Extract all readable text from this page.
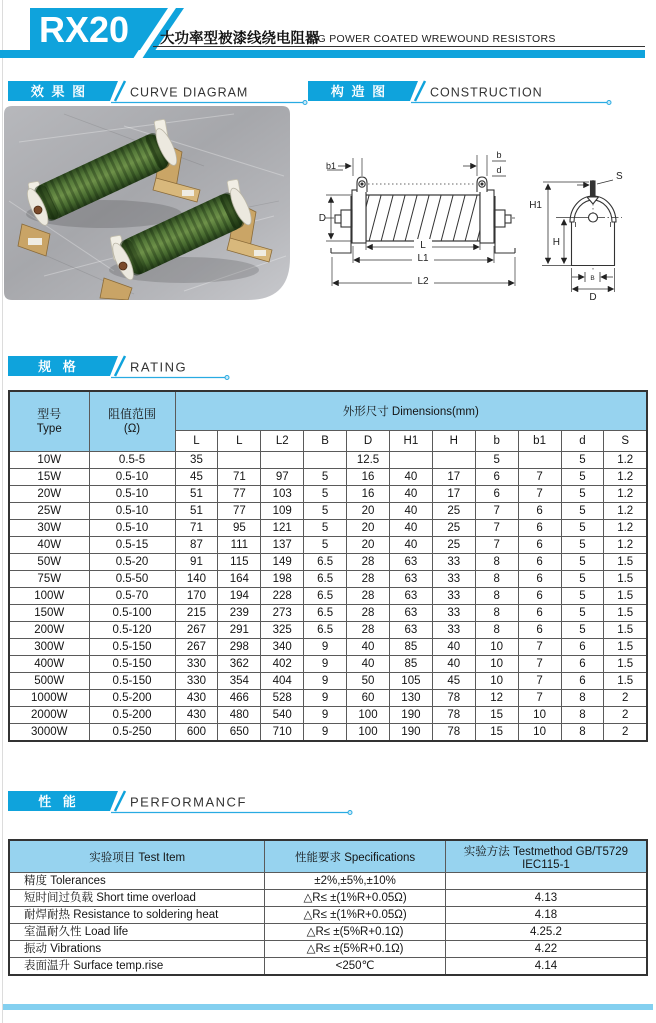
RX20 大功率型被漆线绕电阻器
BIG POWER COATED WREWOUND RESISTORS
效 果 图	CURVE DIAGRAM	构 造 图	CONSTRUCTION
规 格	RATING
性 能	PERFORMANCF
b1
b
d
D
L
L1
L2
S
H1
H
B
D
型号
Type	阻值范围
(Ω)	外形尺寸 Dimensions(mm)										
		L	L	L2	B	D	H1	H	b	b1	d	S
10W	0.5-5	35				12.5			5		5	1.2
15W	0.5-10	45	71	97	5	16	40	17	6	7	5	1.2
20W	0.5-10	51	77	103	5	16	40	17	6	7	5	1.2
25W	0.5-10	51	77	109	5	20	40	25	7	6	5	1.2
30W	0.5-10	71	95	121	5	20	40	25	7	6	5	1.2
40W	0.5-15	87	111	137	5	20	40	25	7	6	5	1.2
50W	0.5-20	91	115	149	6.5	28	63	33	8	6	5	1.5
75W	0.5-50	140	164	198	6.5	28	63	33	8	6	5	1.5
100W	0.5-70	170	194	228	6.5	28	63	33	8	6	5	1.5
150W	0.5-100	215	239	273	6.5	28	63	33	8	6	5	1.5
200W	0.5-120	267	291	325	6.5	28	63	33	8	6	5	1.5
300W	0.5-150	267	298	340	9	40	85	40	10	7	6	1.5
400W	0.5-150	330	362	402	9	40	85	40	10	7	6	1.5
500W	0.5-150	330	354	404	9	50	105	45	10	7	6	1.5
1000W	0.5-200	430	466	528	9	60	130	78	12	7	8	2
2000W	0.5-200	430	480	540	9	100	190	78	15	10	8	2
3000W	0.5-250	600	650	710	9	100	190	78	15	10	8	2
实验项目 Test Item	性能要求 Specifications	实验方法 Testmethod GB/T5729 IEC115-1
精度 Tolerances	±2%,±5%,±10%	
短时间过负载 Short time overload	△R≤ ±(1%R+0.05Ω)	4.13
耐焊耐热 Resistance to soldering heat	△R≤ ±(1%R+0.05Ω)	4.18
室温耐久性 Load life	△R≤ ±(5%R+0.1Ω)	4.25.2
振动 Vibrations	△R≤ ±(5%R+0.1Ω)	4.22
表面温升 Surface temp.rise	<250℃	4.14
